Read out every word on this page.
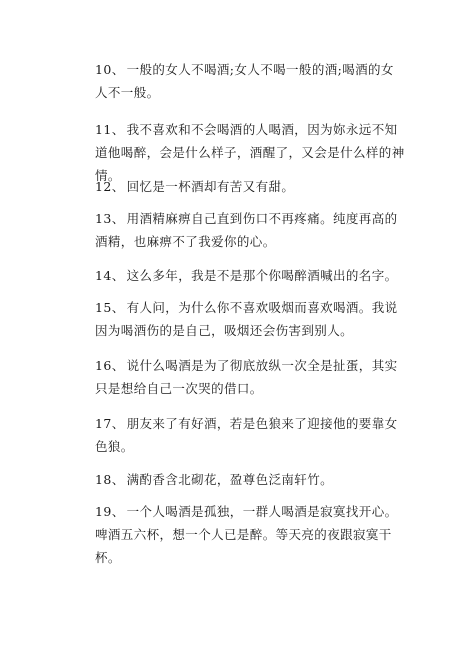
10、 一般的女人不喝酒;女人不喝一般的酒;喝酒的女人不一般。

11、 我不喜欢和不会喝酒的人喝酒，因为妳永远不知道他喝醉，会是什么样子，酒醒了，又会是什么样的神情。

12、 回忆是一杯酒却有苦又有甜。

13、 用酒精麻痹自己直到伤口不再疼痛。纯度再高的酒精，也麻痹不了我爱你的心。

14、 这么多年，我是不是那个你喝醉酒喊出的名字。

15、 有人问，为什么你不喜欢吸烟而喜欢喝酒。我说因为喝酒伤的是自己，吸烟还会伤害到别人。

16、 说什么喝酒是为了彻底放纵一次全是扯蛋，其实只是想给自己一次哭的借口。

17、 朋友来了有好酒，若是色狼来了迎接他的要靠女色狼。

18、 满酌香含北砌花，盈尊色泛南轩竹。

19、 一个人喝酒是孤独，一群人喝酒是寂寞找开心。啤酒五六杯，想一个人已是醉。等天亮的夜跟寂寞干杯。
